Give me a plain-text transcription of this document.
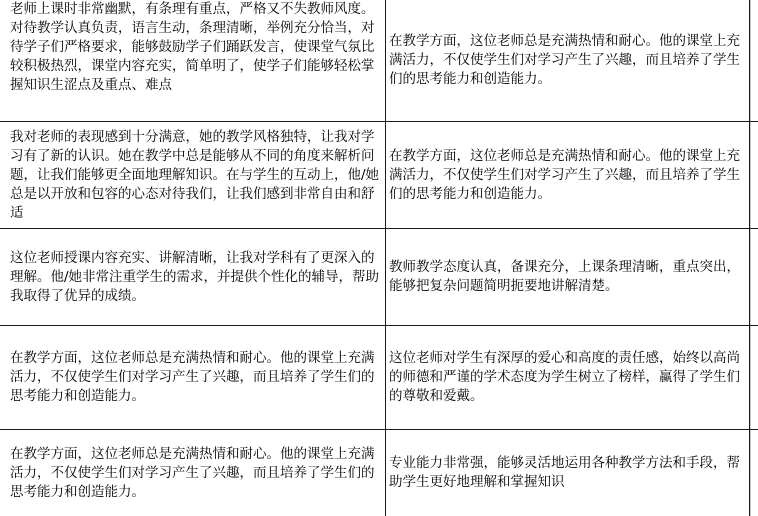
老师上课时非常幽默，有条理有重点，严格又不失教师风度。对待教学认真负责，语言生动，条理清晰，举例充分恰当，对待学子们严格要求，能够鼓励学子们踊跃发言，使课堂气氛比较积极热烈，课堂内容充实，简单明了，使学子们能够轻松掌握知识生涩点及重点、难点
在教学方面，这位老师总是充满热情和耐心。他的课堂上充满活力，不仅使学生们对学习产生了兴趣，而且培养了学生们的思考能力和创造能力。
我对老师的表现感到十分满意，她的教学风格独特，让我对学习有了新的认识。她在教学中总是能够从不同的角度来解析问题，让我们能够更全面地理解知识。在与学生的互动上，他/她总是以开放和包容的心态对待我们，让我们感到非常自由和舒适
在教学方面，这位老师总是充满热情和耐心。他的课堂上充满活力，不仅使学生们对学习产生了兴趣，而且培养了学生们的思考能力和创造能力。
这位老师授课内容充实、讲解清晰，让我对学科有了更深入的理解。他/她非常注重学生的需求，并提供个性化的辅导，帮助我取得了优异的成绩。
教师教学态度认真，备课充分，上课条理清晰，重点突出，能够把复杂问题简明扼要地讲解清楚。
在教学方面，这位老师总是充满热情和耐心。他的课堂上充满活力，不仅使学生们对学习产生了兴趣，而且培养了学生们的思考能力和创造能力。
这位老师对学生有深厚的爱心和高度的责任感，始终以高尚的师德和严谨的学术态度为学生树立了榜样，赢得了学生们的尊敬和爱戴。
在教学方面，这位老师总是充满热情和耐心。他的课堂上充满活力，不仅使学生们对学习产生了兴趣，而且培养了学生们的思考能力和创造能力。
专业能力非常强，能够灵活地运用各种教学方法和手段，帮助学生更好地理解和掌握知识
